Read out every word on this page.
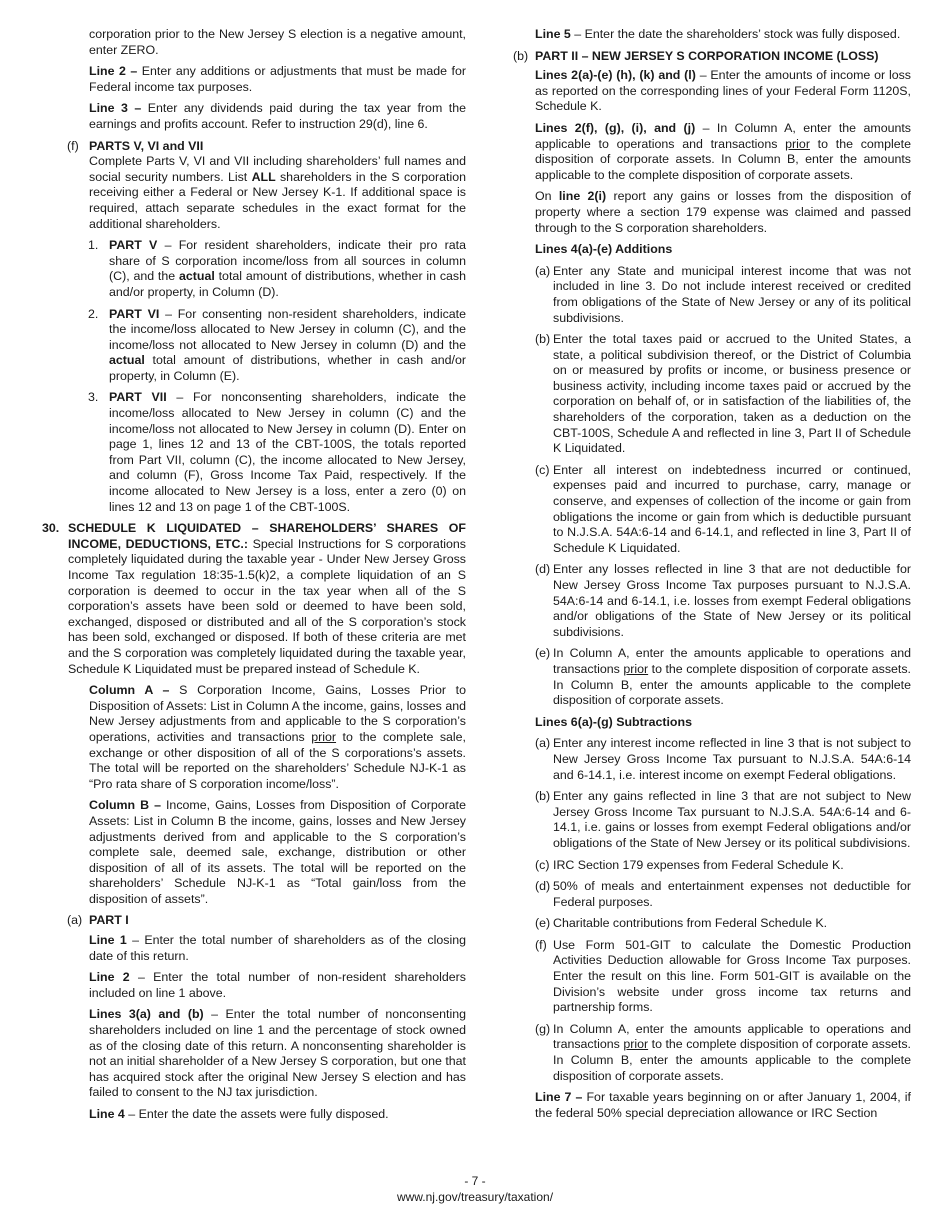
corporation prior to the New Jersey S election is a negative amount, enter ZERO.

Line 2 – Enter any additions or adjustments that must be made for Federal income tax purposes.

Line 3 – Enter any dividends paid during the tax year from the earnings and profits account. Refer to instruction 29(d), line 6.

(f) PARTS V, VI and VII
Complete Parts V, VI and VII including shareholders’ full names and social security numbers. List ALL shareholders in the S corporation receiving either a Federal or New Jersey K-1. If additional space is required, attach separate schedules in the exact format for the additional shareholders.
1. PART V – For resident shareholders, indicate their pro rata share of S corporation income/loss from all sources in column (C), and the actual total amount of distributions, whether in cash and/or property, in Column (D).
2. PART VI – For consenting non-resident shareholders, indicate the income/loss allocated to New Jersey in column (C), and the income/loss not allocated to New Jersey in column (D) and the actual total amount of distributions, whether in cash and/or property, in Column (E).
3. PART VII – For nonconsenting shareholders, indicate the income/loss allocated to New Jersey in column (C) and the income/loss not allocated to New Jersey in column (D). Enter on page 1, lines 12 and 13 of the CBT-100S, the totals reported from Part VII, column (C), the income allocated to New Jersey, and column (F), Gross Income Tax Paid, respectively. If the income allocated to New Jersey is a loss, enter a zero (0) on lines 12 and 13 on page 1 of the CBT-100S.
30. SCHEDULE K LIQUIDATED – SHAREHOLDERS’ SHARES OF INCOME, DEDUCTIONS, ETC.: Special Instructions for S corporations completely liquidated during the taxable year - Under New Jersey Gross Income Tax regulation 18:35-1.5(k)2, a complete liquidation of an S corporation is deemed to occur in the tax year when all of the S corporation’s assets have been sold or deemed to have been sold, exchanged, disposed or distributed and all of the S corporation’s stock has been sold, exchanged or disposed. If both of these criteria are met and the S corporation was completely liquidated during the taxable year, Schedule K Liquidated must be prepared instead of Schedule K.

Column A – S Corporation Income, Gains, Losses Prior to Disposition of Assets: List in Column A the income, gains, losses and New Jersey adjustments from and applicable to the S corporation’s operations, activities and transactions prior to the complete sale, exchange or other disposition of all of the S corporations’s assets. The total will be reported on the shareholders’ Schedule NJ-K-1 as “Pro rata share of S corporation income/loss”.

Column B – Income, Gains, Losses from Disposition of Corporate Assets: List in Column B the income, gains, losses and New Jersey adjustments derived from and applicable to the S corporation’s complete sale, deemed sale, exchange, distribution or other disposition of all of its assets. The total will be reported on the shareholders’ Schedule NJ-K-1 as “Total gain/loss from the disposition of assets”.

(a) PART I

Line 1 – Enter the total number of shareholders as of the closing date of this return.

Line 2 – Enter the total number of non-resident shareholders included on line 1 above.

Lines 3(a) and (b) – Enter the total number of nonconsenting shareholders included on line 1 and the percentage of stock owned as of the closing date of this return. A nonconsenting shareholder is not an initial shareholder of a New Jersey S corporation, but one that has acquired stock after the original New Jersey S election and has failed to consent to the NJ tax jurisdiction.

Line 4 – Enter the date the assets were fully disposed.

Line 5 – Enter the date the shareholders’ stock was fully disposed.

(b) PART II – NEW JERSEY S CORPORATION INCOME (LOSS)

Lines 2(a)-(e) (h), (k) and (l) – Enter the amounts of income or loss as reported on the corresponding lines of your Federal Form 1120S, Schedule K.

Lines 2(f), (g), (i), and (j) – In Column A, enter the amounts applicable to operations and transactions prior to the complete disposition of corporate assets. In Column B, enter the amounts applicable to the complete disposition of corporate assets.

On line 2(i) report any gains or losses from the disposition of property where a section 179 expense was claimed and passed through to the S corporation shareholders.

Lines 4(a)-(e) Additions

(a) Enter any State and municipal interest income that was not included in line 3. Do not include interest received or credited from obligations of the State of New Jersey or any of its political subdivisions.
(b) Enter the total taxes paid or accrued to the United States, a state, a political subdivision thereof, or the District of Columbia on or measured by profits or income, or business presence or business activity, including income taxes paid or accrued by the corporation on behalf of, or in satisfaction of the liabilities of, the shareholders of the corporation, taken as a deduction on the CBT-100S, Schedule A and reflected in line 3, Part II of Schedule K Liquidated.
(c) Enter all interest on indebtedness incurred or continued, expenses paid and incurred to purchase, carry, manage or conserve, and expenses of collection of the income or gain from obligations the income or gain from which is deductible pursuant to N.J.S.A. 54A:6-14 and 6-14.1, and reflected in line 3, Part II of Schedule K Liquidated.
(d) Enter any losses reflected in line 3 that are not deductible for New Jersey Gross Income Tax purposes pursuant to N.J.S.A. 54A:6-14 and 6-14.1, i.e. losses from exempt Federal obligations and/or obligations of the State of New Jersey or its political subdivisions.
(e) In Column A, enter the amounts applicable to operations and transactions prior to the complete disposition of corporate assets. In Column B, enter the amounts applicable to the complete disposition of corporate assets.

Lines 6(a)-(g) Subtractions

(a) Enter any interest income reflected in line 3 that is not subject to New Jersey Gross Income Tax pursuant to N.J.S.A. 54A:6-14 and 6-14.1, i.e. interest income on exempt Federal obligations.
(b) Enter any gains reflected in line 3 that are not subject to New Jersey Gross Income Tax pursuant to N.J.S.A. 54A:6-14 and 6-14.1, i.e. gains or losses from exempt Federal obligations and/or obligations of the State of New Jersey or its political subdivisions.
(c) IRC Section 179 expenses from Federal Schedule K.
(d) 50% of meals and entertainment expenses not deductible for Federal purposes.
(e) Charitable contributions from Federal Schedule K.
(f) Use Form 501-GIT to calculate the Domestic Production Activities Deduction allowable for Gross Income Tax purposes. Enter the result on this line. Form 501-GIT is available on the Division’s website under gross income tax returns and partnership forms.
(g) In Column A, enter the amounts applicable to operations and transactions prior to the complete disposition of corporate assets. In Column B, enter the amounts applicable to the complete disposition of corporate assets.

Line 7 – For taxable years beginning on or after January 1, 2004, if the federal 50% special depreciation allowance or IRC Section

- 7 -
www.nj.gov/treasury/taxation/
